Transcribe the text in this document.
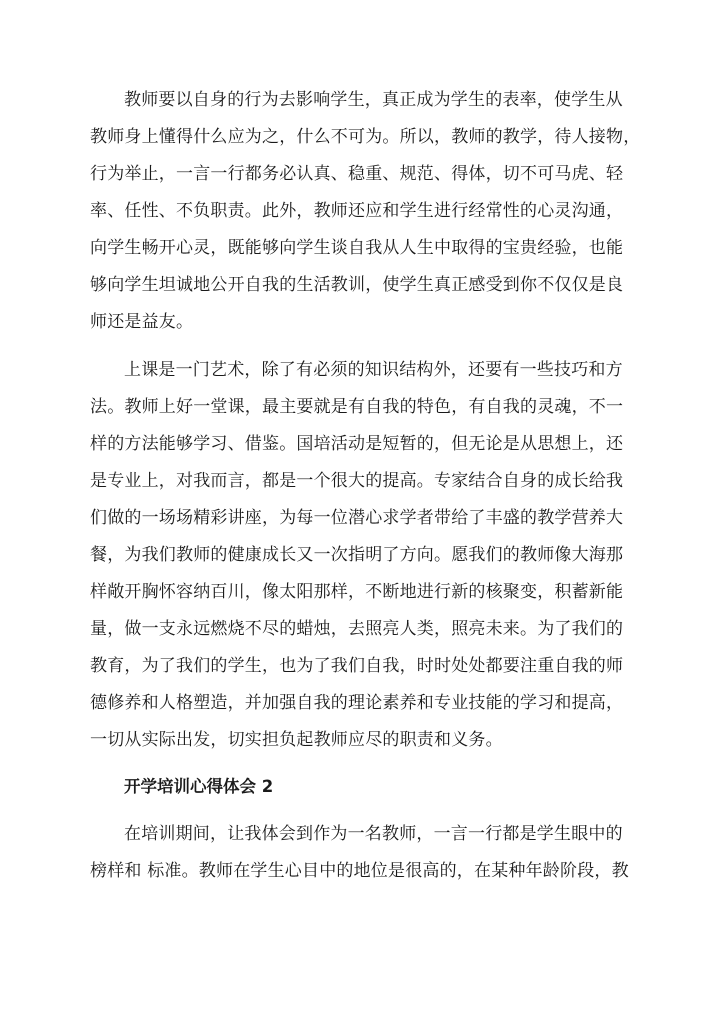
教师要以自身的行为去影响学生，真正成为学生的表率，使学生从
教师身上懂得什么应为之，什么不可为。所以，教师的教学，待人接物，
行为举止，一言一行都务必认真、稳重、规范、得体，切不可马虎、轻
率、任性、不负职责。此外，教师还应和学生进行经常性的心灵沟通，
向学生畅开心灵，既能够向学生谈自我从人生中取得的宝贵经验，也能
够向学生坦诚地公开自我的生活教训，使学生真正感受到你不仅仅是良
师还是益友。
上课是一门艺术，除了有必须的知识结构外，还要有一些技巧和方
法。教师上好一堂课，最主要就是有自我的特色，有自我的灵魂，不一
样的方法能够学习、借鉴。国培活动是短暂的，但无论是从思想上，还
是专业上，对我而言，都是一个很大的提高。专家结合自身的成长给我
们做的一场场精彩讲座，为每一位潜心求学者带给了丰盛的教学营养大
餐，为我们教师的健康成长又一次指明了方向。愿我们的教师像大海那
样敞开胸怀容纳百川，像太阳那样，不断地进行新的核聚变，积蓄新能
量，做一支永远燃烧不尽的蜡烛，去照亮人类，照亮未来。为了我们的
教育，为了我们的学生，也为了我们自我，时时处处都要注重自我的师
德修养和人格塑造，并加强自我的理论素养和专业技能的学习和提高，
一切从实际出发，切实担负起教师应尽的职责和义务。
开学培训心得体会 2
在培训期间，让我体会到作为一名教师，一言一行都是学生眼中的
榜样和 标准。教师在学生心目中的地位是很高的，在某种年龄阶段，教
